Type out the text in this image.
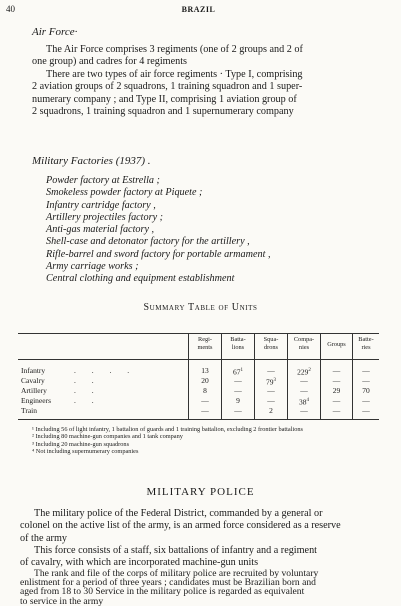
40	BRAZIL
Air Force·
The Air Force comprises 3 regiments (one of 2 groups and 2 of
one group) and cadres for 4 regiments
There are two types of air force regiments · Type I, comprising
2 aviation groups of 2 squadrons, 1 training squadron and 1 super-
numerary company ; and Type II, comprising 1 aviation group of
2 squadrons, 1 training squadron and 1 supernumerary company
Military Factories (1937) .
Powder factory at Estrella ;
Smokeless powder factory at Piquete ;
Infantry cartridge factory ,
Artillery projectiles factory ;
Anti-gas material factory ,
Shell-case and detonator factory for the artillery ,
Rifle-barrel and sword factory for portable armament ,
Army carriage works ;
Central clothing and equipment establishment
Summary Table of Units
Regi-
ments
Batta-
lions
Squa-
drons
Compa-
nies	Groups
Batte-
ries
Infantry	. . . .	13	67$^1$	—	229$^2$	—	—
Cavalry	. .	20	—	79$^3$	—	—	—
Artillery	. .	8	—	—	—	29	70
Engineers	. .	—	9	—	38$^4$	—	—
Train	—	—	2	—	—	—
¹ Including 56 of light infantry, 1 battalion of guards and 1 training battalion, excluding 2 frontier battalions
² Including 80 machine-gun companies and 1 tank company
³ Including 20 machine-gun squadrons
⁴ Not including supernumerary companies
MILITARY POLICE
The military police of the Federal District, commanded by a general or
colonel on the active list of the army, is an armed force considered as a reserve
of the army
This force consists of a staff, six battalions of infantry and a regiment
of cavalry, with which are incorporated machine-gun units
The rank and file of the corps of military police are recruited by voluntary
enlistment for a period of three years ; candidates must be Brazilian born and
aged from 18 to 30 Service in the military police is regarded as equivalent
to service in the army
